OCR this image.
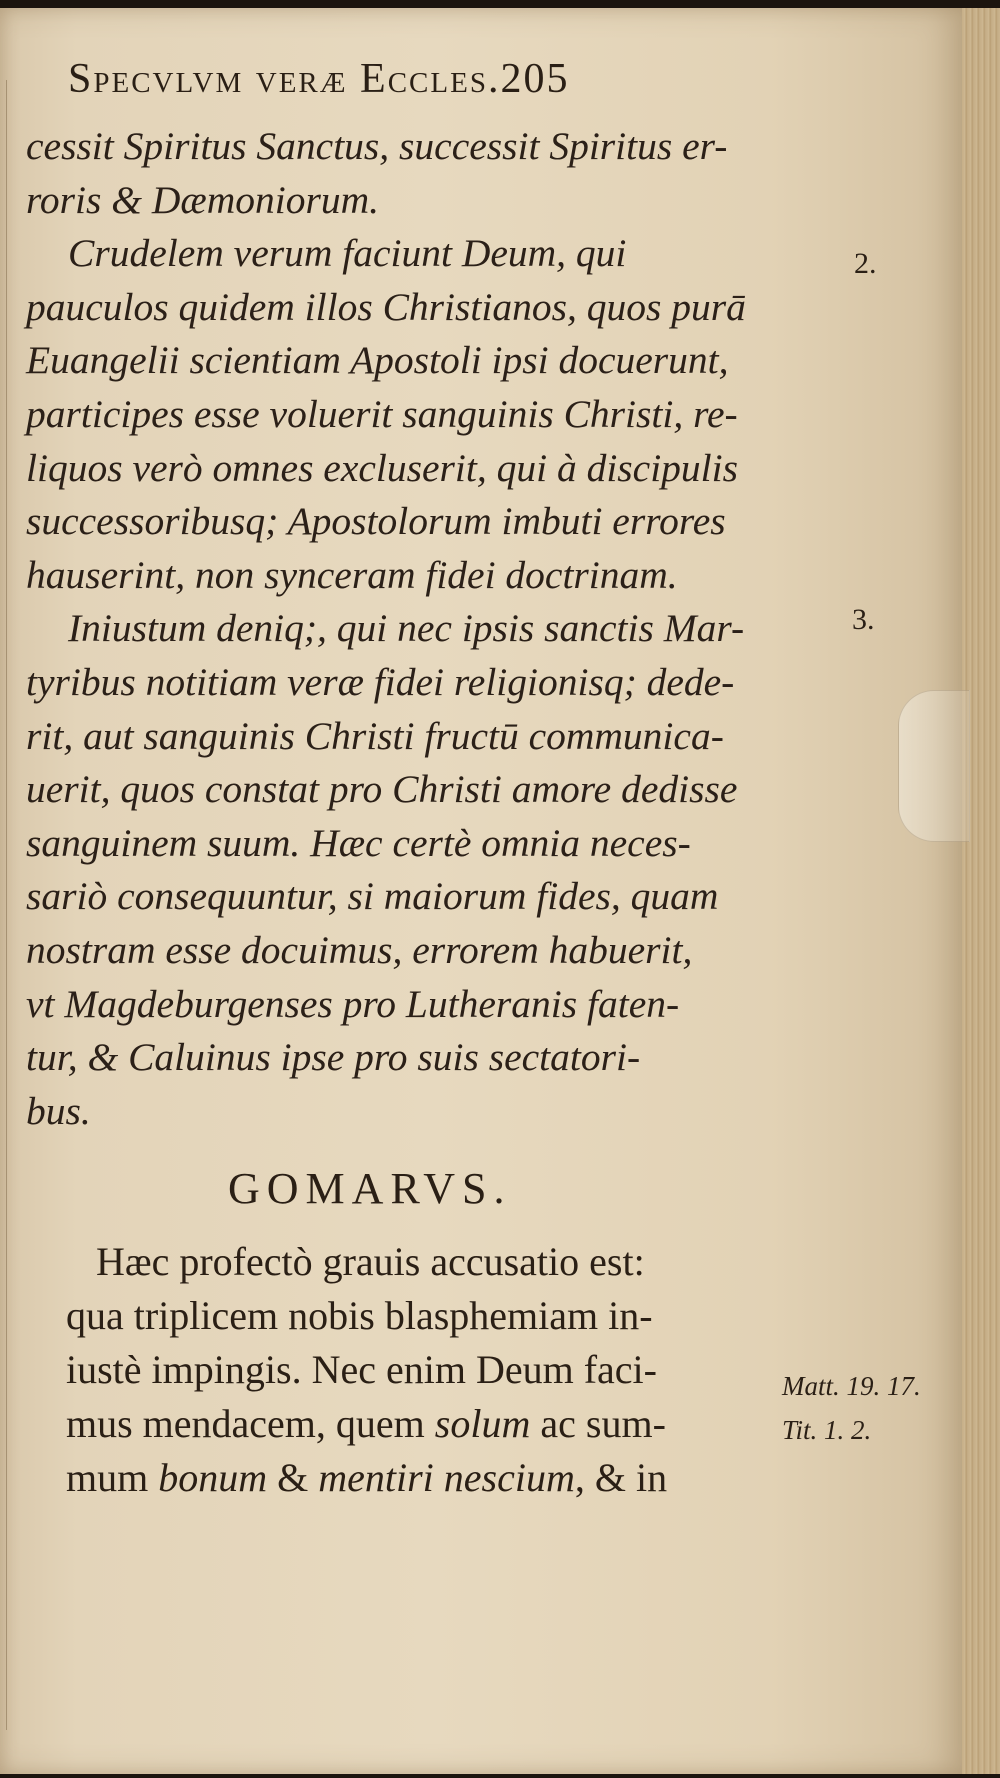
Specvlvm verӕ Eccles.205
cessit Spiritus Sanctus, successit Spiritus er-
roris & Dӕmoniorum.
Crudelem verum faciunt Deum, qui
pauculos quidem illos Christianos, quos purā
Euangelii scientiam Apostoli ipsi docuerunt,
participes esse voluerit sanguinis Christi, re-
liquos verò omnes excluserit, qui à discipulis
successoribusq; Apostolorum imbuti errores
hauserint, non synceram fidei doctrinam.
Iniustum deniq;, qui nec ipsis sanctis Mar-
tyribus notitiam verӕ fidei religionisq; dede-
rit, aut sanguinis Christi fructū communica-
uerit, quos constat pro Christi amore dedisse
sanguinem suum. Hӕc certè omnia neces-
sariò consequuntur, si maiorum fides, quam
nostram esse docuimus, errorem habuerit,
vt Magdeburgenses pro Lutheranis faten-
tur, & Caluinus ipse pro suis sectatori-
bus.
2.
3.
GOMARVS.
Hӕc profectò grauis accusatio est:
qua triplicem nobis blasphemiam in-
iustè impingis. Nec enim Deum faci-
mus mendacem, quem solum ac sum-
mum bonum & mentiri nescium, & in
Matt. 19. 17.
Tit. 1. 2.
